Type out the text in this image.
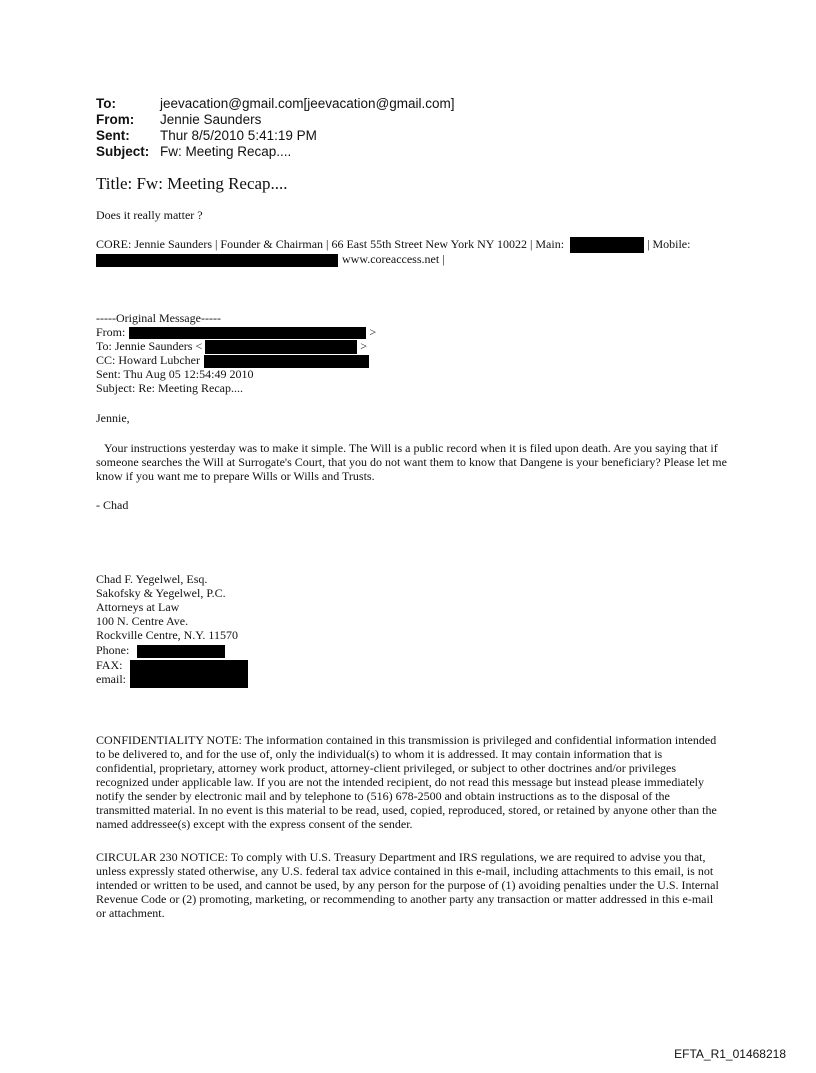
To:	jeevacation@gmail.com[jeevacation@gmail.com]
From:	Jennie Saunders
Sent:	Thur 8/5/2010 5:41:19 PM
Subject: Fw: Meeting Recap....
Title: Fw: Meeting Recap....
Does it really matter ?
CORE: Jennie Saunders | Founder & Chairman | 66 East 55th Street New York NY 10022 | Main:	| Mobile:
www.coreaccess.net |
-----Original Message-----
From:	>
To: Jennie Saunders <	>
CC: Howard Lubcher
Sent: Thu Aug 05 12:54:49 2010
Subject: Re: Meeting Recap....
Jennie,
Your instructions yesterday was to make it simple. The Will is a public record when it is filed upon death. Are you saying that if someone searches the Will at Surrogate's Court, that you do not want them to know that Dangene is your beneficiary? Please let me know if you want me to prepare Wills or Wills and Trusts.
- Chad
Chad F. Yegelwel, Esq.
Sakofsky & Yegelwel, P.C.
Attorneys at Law
100 N. Centre Ave.
Rockville Centre, N.Y. 11570
Phone:
FAX:
email:
CONFIDENTIALITY NOTE: The information contained in this transmission is privileged and confidential information intended to be delivered to, and for the use of, only the individual(s) to whom it is addressed. It may contain information that is confidential, proprietary, attorney work product, attorney-client privileged, or subject to other doctrines and/or privileges recognized under applicable law. If you are not the intended recipient, do not read this message but instead please immediately notify the sender by electronic mail and by telephone to (516) 678-2500 and obtain instructions as to the disposal of the transmitted material. In no event is this material to be read, used, copied, reproduced, stored, or retained by anyone other than the named addressee(s) except with the express consent of the sender.
CIRCULAR 230 NOTICE: To comply with U.S. Treasury Department and IRS regulations, we are required to advise you that, unless expressly stated otherwise, any U.S. federal tax advice contained in this e-mail, including attachments to this email, is not intended or written to be used, and cannot be used, by any person for the purpose of (1) avoiding penalties under the U.S. Internal Revenue Code or (2) promoting, marketing, or recommending to another party any transaction or matter addressed in this e-mail or attachment.
EFTA_R1_01468218
